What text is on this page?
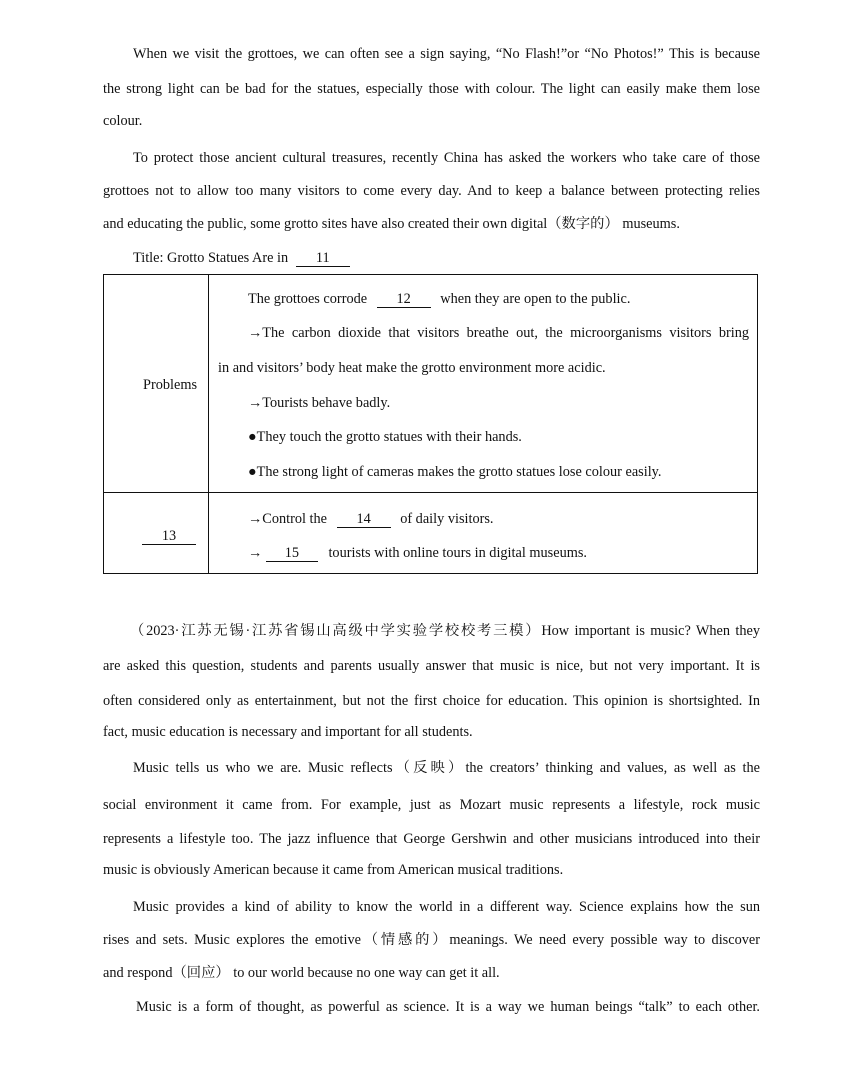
When we visit the grottoes, we can often see a sign saying, “No Flash!”or “No Photos!” This is because
the strong light can be bad for the statues, especially those with colour. The light can easily make them lose
colour.
To protect those ancient cultural treasures, recently China has asked the workers who take care of those
grottoes not to allow too many visitors to come every day. And to keep a balance between protecting relies
and educating the public, some grotto sites have also created their own digital（数字的） museums.
Title: Grotto Statues Are in 11
Problems
The grottoes corrode 12 when they are open to the public.
→The carbon dioxide that visitors breathe out, the microorganisms visitors bring
in and visitors’ body heat make the grotto environment more acidic.
→Tourists behave badly.
●They touch the grotto statues with their hands.
●The strong light of cameras makes the grotto statues lose colour easily.
13
→Control the 14 of daily visitors.
→ 15 tourists with online tours in digital museums.
（2023·江苏无锡·江苏省锡山高级中学实验学校校考三模）How important is music? When they
are asked this question, students and parents usually answer that music is nice, but not very important. It is
often considered only as entertainment, but not the first choice for education. This opinion is shortsighted. In
fact, music education is necessary and important for all students.
Music tells us who we are. Music reflects（反映）the creators’ thinking and values, as well as the
social environment it came from. For example, just as Mozart music represents a lifestyle, rock music
represents a lifestyle too. The jazz influence that George Gershwin and other musicians introduced into their
music is obviously American because it came from American musical traditions.
Music provides a kind of ability to know the world in a different way. Science explains how the sun
rises and sets. Music explores the emotive（情感的）meanings. We need every possible way to discover
and respond（回应） to our world because no one way can get it all.
Music is a form of thought, as powerful as science. It is a way we human beings “talk” to each other.
